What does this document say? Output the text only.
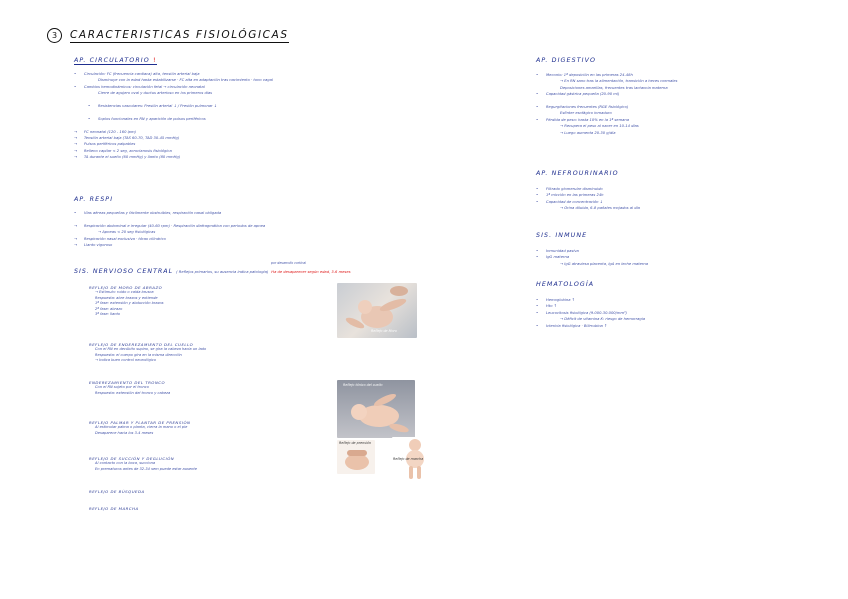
3	CARACTERISTICAS FISIOLÓGICAS
AP. CIRCULATORIO !
• Circulación: FC (frecuencia cardiaca) alta, tensión arterial baja
Disminuye con la edad hasta estabilizarse · FC alta en adaptación tras nacimiento · tono vagal
• Cambios hemodinámicos: circulación fetal → circulación neonatal
Cierre de agujero oval y ductus arterioso en los primeros días
• Resistencias vasculares: Presión arterial ↓ / Presión pulmonar ↓
• Soplos funcionales en RN y aparición de pulsos periféricos
→ FC neonatal (120 - 160 lpm)
→ Tensión arterial baja (TAS 60-70, TAD 30-45 mmHg)
→ Pulsos periféricos palpables
→ Relleno capilar < 2 seg, acrocianosis fisiológica
→ TA durante el sueño (60 mmHg) y llanto (80 mmHg)
AP. RESPI
• Vías aéreas pequeñas y fácilmente obstruibles, respiración nasal obligada
→ Respiración abdominal e irregular (40-60 rpm) · Respiración diafragmática con periodos de apnea
→ Apneas < 20 seg fisiológicas
→ Respiración nasal exclusiva · tórax cilíndrico
→ Llanto vigoroso
SIS. NERVIOSO CENTRAL ( Reflejos primarios, su ausencia indica patología) Ha de desaparecer según edad, 3-6 meses
por desarrollo cortical
REFLEJO DE MORO DE ABRAZO
→ Estímulo: ruido o caída brusca
Respuesta: abre brazos y extiende
1ª fase: extensión y abducción brazos
2ª fase: abrazo
3ª fase: llanto
REFLEJO DE ENDEREZAMIENTO DEL CUELLO
Con el RN en decúbito supino, se gira la cabeza hacia un lado
Respuesta: el cuerpo gira en la misma dirección
→ Indica buen control neurológico
ENDEREZAMIENTO DEL TRONCO
Con el RN sujeto por el tronco
Respuesta: extensión del tronco y cabeza
REFLEJO PALMAR Y PLANTAR DE PRENSIÓN
Al estimular palma o planta, cierra la mano o el pie
Desaparece hacia los 3-4 meses
REFLEJO DE SUCCIÓN Y DEGLUCIÓN
Al contacto con la boca, succiona
En prematuros antes de 32-34 sem puede estar ausente
REFLEJO DE BÚSQUEDA
REFLEJO DE MARCHA
Reflejo de Moro
Reflejo tónico del cuello
Reflejo de prensión
Reflejo de marcha
AP. DIGESTIVO
• Meconio: 1ª deposición en las primeras 24-48h
→ En RN sano tras la alimentación, transición a heces normales
Deposiciones amarillas, frecuentes tras lactancia materna
• Capacidad gástrica pequeña (20-90 ml)
• Regurgitaciones frecuentes (RGE fisiológico)
Esfínter esofágico inmaduro
• Pérdida de peso: hasta 10% en la 1ª semana
→ Recupera el peso al nacer en 10-14 días
→ Luego aumenta 20-30 g/día
AP. NEFROURINARIO
• Filtrado glomerular disminuido
• 1ª micción en las primeras 24h
• Capacidad de concentración ↓
→ Orina diluida, 6-8 pañales mojados al día
SIS. INMUNE
• Inmunidad pasiva
• IgG materna
→ IgG atraviesa placenta, IgA en leche materna
HEMATOLOGÍA
• Hemoglobina ↑
• Hto ↑
• Leucocitosis fisiológica (9.000-30.000/mm³)
→ Déficit de vitamina K: riesgo de hemorragia
• Ictericia fisiológica · Bilirrubina ↑
